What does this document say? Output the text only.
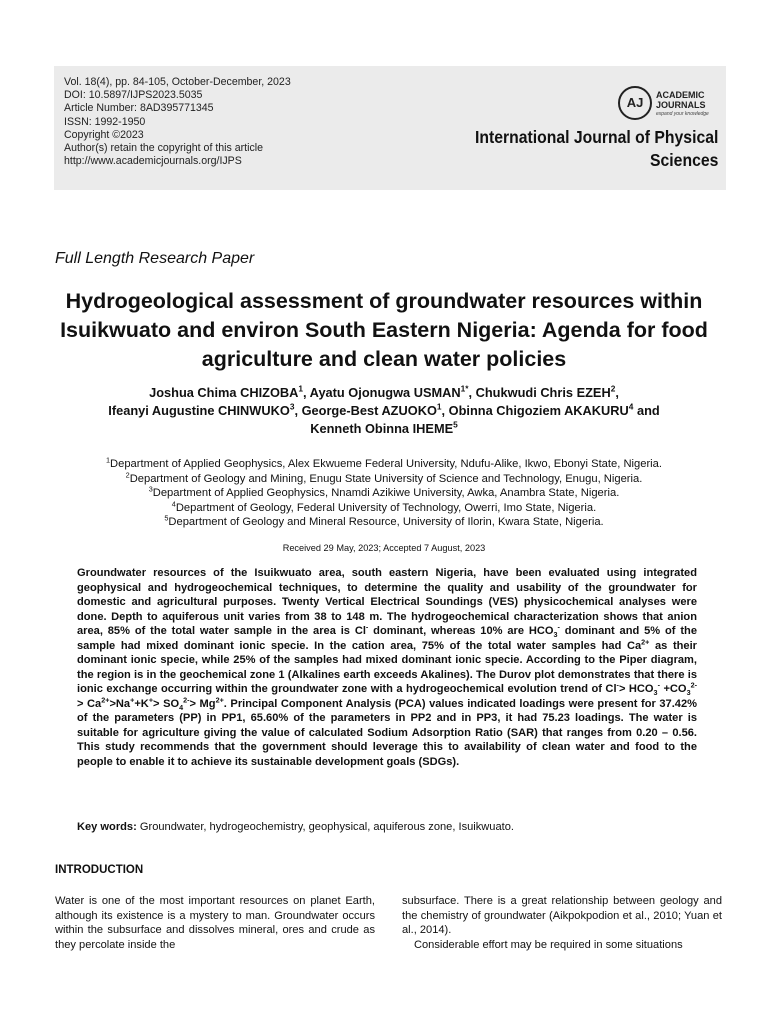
Vol. 18(4), pp. 84-105, October-December, 2023
DOI: 10.5897/IJPS2023.5035
Article Number: 8AD395771345
ISSN: 1992-1950
Copyright ©2023
Author(s) retain the copyright of this article
http://www.academicjournals.org/IJPS
AJ	ACADEMIC
JOURNALS
expand your knowledge
International Journal of Physical
Sciences
Full Length Research Paper
Hydrogeological assessment of groundwater resources within Isuikwuato and environ South Eastern Nigeria: Agenda for food agriculture and clean water policies
Joshua Chima CHIZOBA$^1$, Ayatu Ojonugwa $USMAN^{1*}$, Chukwudi Chris EZEH$^2$,
Ifeanyi Augustine CHINWUKO$^3$, George-Best AZUOKO$^1$, Obinna Chigoziem AKAKURU$^4$ and
Kenneth Obinna IHEME$^5$
$^1$Department of Applied Geophysics, Alex Ekwueme Federal University, Ndufu-Alike, Ikwo, Ebonyi State, Nigeria.
$^2$Department of Geology and Mining, Enugu State University of Science and Technology, Enugu, Nigeria.
$^3$Department of Applied Geophysics, Nnamdi Azikiwe University, Awka, Anambra State, Nigeria.
$^4$Department of Geology, Federal University of Technology, Owerri, Imo State, Nigeria.
$^5$Department of Geology and Mineral Resource, University of Ilorin, Kwara State, Nigeria.
Received 29 May, 2023; Accepted 7 August, 2023
Groundwater resources of the Isuikwuato area, south eastern Nigeria, have been evaluated using integrated geophysical and hydrogeochemical techniques, to determine the quality and usability of the groundwater for domestic and agricultural purposes. Twenty Vertical Electrical Soundings (VES) physicochemical analyses were done. Depth to aquiferous unit varies from 38 to 148 m. The hydrogeochemical characterization shows that anion area, 85% of the total water sample in the area is Cl- dominant, whereas 10% are $HCO_3^-$ dominant and 5% of the sample had mixed dominant ionic specie. In the cation area, 75% of the total water samples had $Ca^{2+}$ as their dominant ionic specie, while 25% of the samples had mixed dominant ionic specie. According to the Piper diagram, the region is in the geochemical zone 1 (Alkalines earth exceeds Akalines). The Durov plot demonstrates that there is ionic exchange occurring within the groundwater zone with a hydrogeochemical evolution trend of $Cl^-> HCO_3^- +CO_3^{2-}> Ca^{2+}>Na^++K^+> SO_4^{2-}> Mg^{2+}$. Principal Component Analysis (PCA) values indicated loadings were present for 37.42% of the parameters (PP) in PP1, 65.60% of the parameters in PP2 and in PP3, it had 75.23 loadings. The water is suitable for agriculture giving the value of calculated Sodium Adsorption Ratio (SAR) that ranges from 0.20 – 0.56. This study recommends that the government should leverage this to availability of clean water and food to the people to enable it to achieve its sustainable development goals (SDGs).
Key words: Groundwater, hydrogeochemistry, geophysical, aquiferous zone, Isuikwuato.
INTRODUCTION
Water is one of the most important resources on planet Earth, although its existence is a mystery to man. Groundwater occurs within the subsurface and dissolves mineral, ores and crude as they percolate inside the
subsurface. There is a great relationship between geology and the chemistry of groundwater (Aikpokpodion et al., 2010; Yuan et al., 2014).
Considerable effort may be required in some situations
